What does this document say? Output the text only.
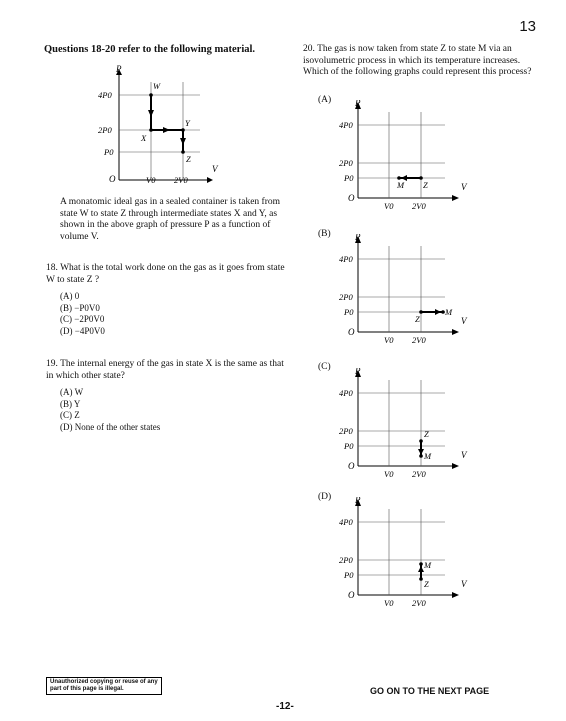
13
Questions 18-20 refer to the following material.
P
V
O
4P0
2P0
P0
V0 2V0
W
X
Y
Z
A monatomic ideal gas in a sealed container is taken from state W to state Z through intermediate states X and Y, as shown in the above graph of pressure P as a function of volume V.
18. What is the total work done on the gas as it goes from state W to state Z ?
(A) 0
(B) −P0V0
(C) −2P0V0
(D) −4P0V0
19. The internal energy of the gas in state X is the same as that in which other state?
(A) W
(B) Y
(C) Z
(D) None of the other states
20. The gas is now taken from state Z to state M via an isovolumetric process in which its temperature increases. Which of the following graphs could represent this process?
(A)
(B)
(C)
(D)
P
V
O
4P0
2P0
P0
V0 2V0
M Z
P
V
O
4P0
2P0
P0
V0 2V0
Z
M
P
V
O
4P0
2P0
P0
V0 2V0
Z
M
P
V
O
4P0
2P0
P0
V0 2V0
M
Z
Unauthorized copying or reuse of any part of this page is illegal.	GO ON TO THE NEXT PAGE
-12-
